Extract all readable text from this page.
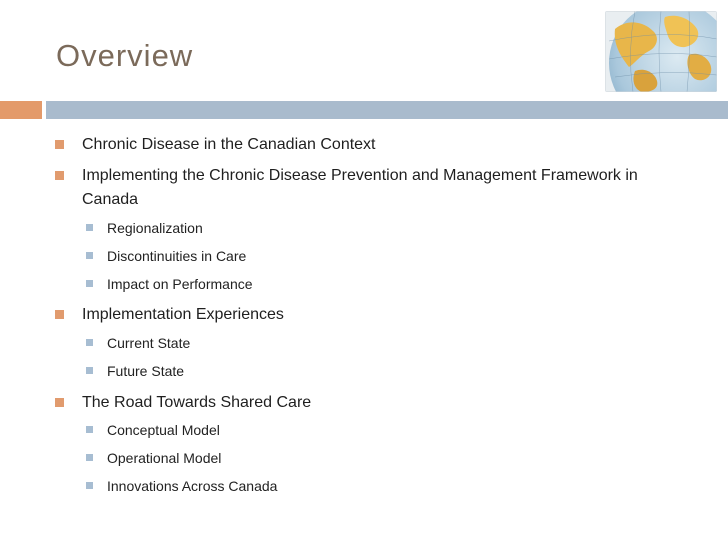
Overview
Chronic Disease in the Canadian Context
Implementing the Chronic Disease Prevention and Management Framework in Canada
Regionalization
Discontinuities in Care
Impact on Performance
Implementation Experiences
Current State
Future State
The Road Towards Shared Care
Conceptual Model
Operational Model
Innovations Across Canada
